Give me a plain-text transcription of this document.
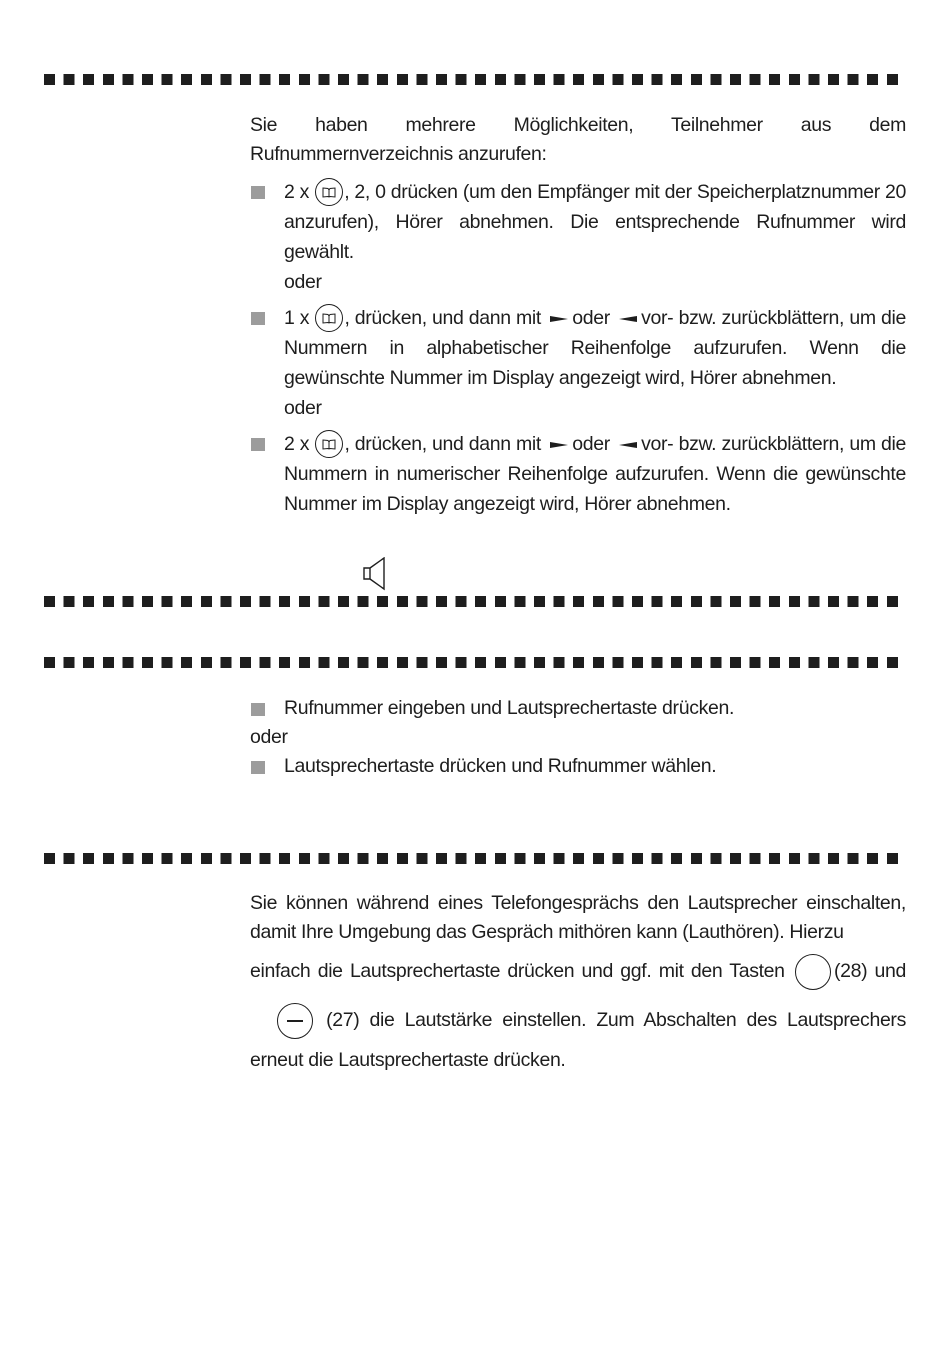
Sie haben mehrere Möglichkeiten, Teilnehmer aus dem Rufnummernverzeichnis anzurufen:

2 x , 2, 0 drücken (um den Empfänger mit der Speicherplatznummer 20 anzurufen), Hörer abnehmen. Die entsprechende Rufnummer wird gewählt.
oder
1 x , drücken, und dann mit oder vor- bzw. zurückblättern, um die Nummern in alphabetischer Reihenfolge aufzurufen. Wenn die gewünschte Nummer im Display angezeigt wird, Hörer abnehmen.
oder
2 x , drücken, und dann mit oder vor- bzw. zurückblättern, um die Nummern in numerischer Reihenfolge aufzurufen. Wenn die gewünschte Nummer im Display angezeigt wird, Hörer abnehmen.
Rufnummer eingeben und Lautsprechertaste drücken.
oder
Lautsprechertaste drücken und Rufnummer wählen.

Sie können während eines Telefongesprächs den Lautsprecher einschalten, damit Ihre Umgebung das Gespräch mithören kann (Lauthören). Hierzu

einfach die Lautsprechertaste drücken und ggf. mit den Tasten	(28) und
(27) die Lautstärke einstellen. Zum Abschalten des Lautsprechers
erneut die Lautsprechertaste drücken.
